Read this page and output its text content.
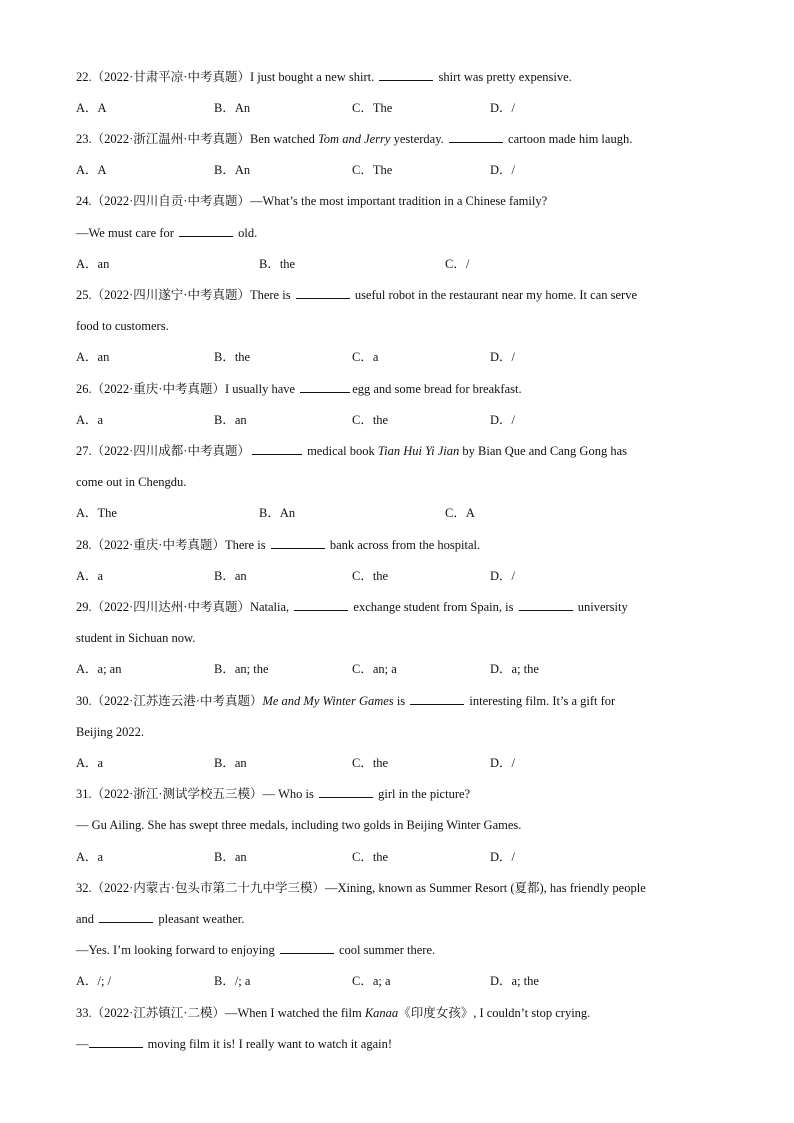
22.（2022·甘肃平凉·中考真题）I just bought a new shirt.	shirt was pretty expensive.
A．A	B．An	C．The	D．/
23.（2022·浙江温州·中考真题）Ben watched Tom and Jerry yesterday.	cartoon made him laugh.
A．A	B．An	C．The	D．/
24.（2022·四川自贡·中考真题）—What’s the most important tradition in a Chinese family?
—We must care for	old.
A．an	B．the	C．/
25.（2022·四川遂宁·中考真题）There is	useful robot in the restaurant near my home. It can serve
food to customers.
A．an	B．the	C．a	D．/
26.（2022·重庆·中考真题）I usually have	egg and some bread for breakfast.
A．a	B．an	C．the	D．/
27.（2022·四川成都·中考真题）	medical book Tian Hui Yi Jian by Bian Que and Cang Gong has
come out in Chengdu.
A．The	B．An	C．A
28.（2022·重庆·中考真题）There is	bank across from the hospital.
A．a	B．an	C．the	D．/
29.（2022·四川达州·中考真题）Natalia,	exchange student from Spain, is	university
student in Sichuan now.
A．a; an	B．an; the	C．an; a	D．a; the
30.（2022·江苏连云港·中考真题）Me and My Winter Games is	interesting film. It’s a gift for
Beijing 2022.
A．a	B．an	C．the	D．/
31.（2022·浙江·测试学校五三模）— Who is	girl in the picture?
— Gu Ailing. She has swept three medals, including two golds in Beijing Winter Games.
A．a	B．an	C．the	D．/
32.（2022·内蒙古·包头市第二十九中学三模）—Xining, known as Summer Resort (夏都), has friendly people
and	pleasant weather.
—Yes. I’m looking forward to enjoying	cool summer there.
A．/; /	B．/; a	C．a; a	D．a; the
33.（2022·江苏镇江·二模）—When I watched the film Kanaa《印度女孩》, I couldn’t stop crying.
—	moving film it is! I really want to watch it again!
